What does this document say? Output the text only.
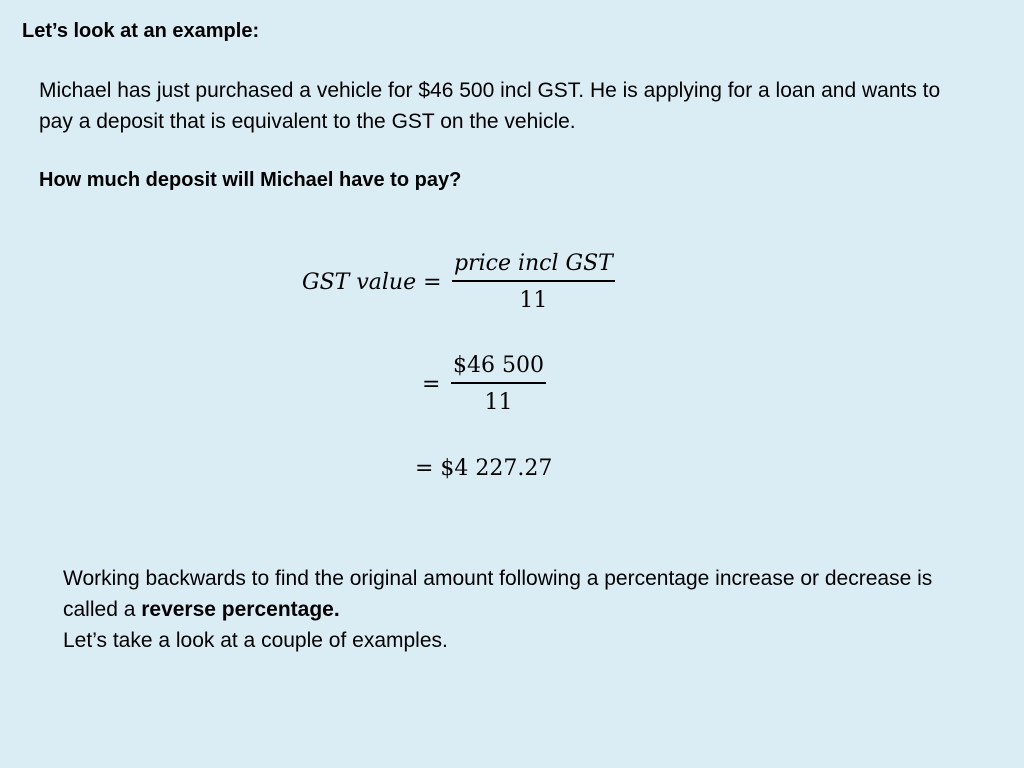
Let’s look at an example:

Michael has just purchased a vehicle for $46 500 incl GST. He is applying for a loan and wants to pay a deposit that is equivalent to the GST on the vehicle.

How much deposit will Michael have to pay?

GST value =
price incl GST
11
= $\frac{\$46 500}{11}$
= $4 227.27

Working backwards to find the original amount following a percentage increase or decrease is called a reverse percentage.
Let’s take a look at a couple of examples.
